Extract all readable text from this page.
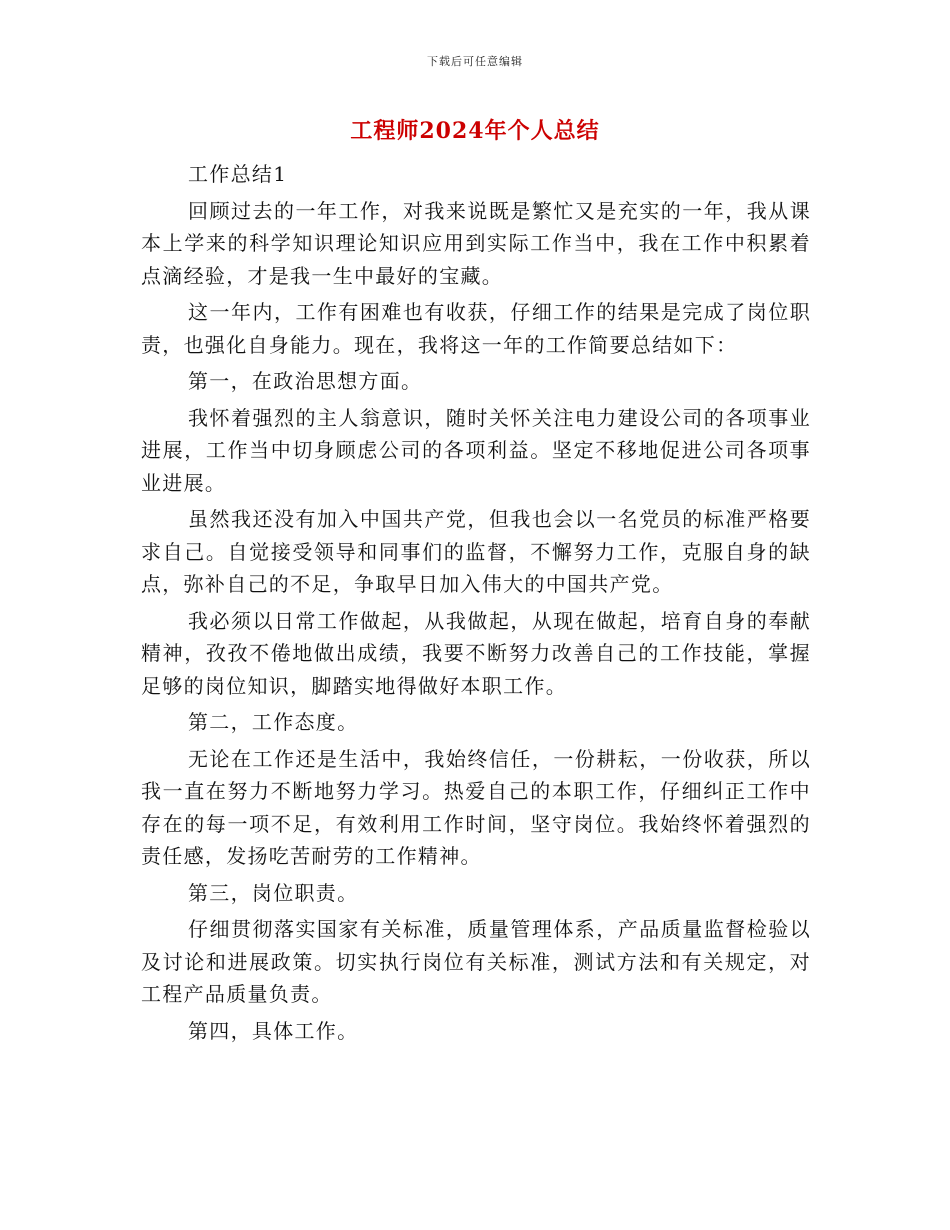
下载后可任意编辑
工程师2024年个人总结

工作总结1

回顾过去的一年工作，对我来说既是繁忙又是充实的一年，我从课本上学来的科学知识理论知识应用到实际工作当中，我在工作中积累着点滴经验，才是我一生中最好的宝藏。

这一年内，工作有困难也有收获，仔细工作的结果是完成了岗位职责，也强化自身能力。现在，我将这一年的工作简要总结如下：

第一，在政治思想方面。

我怀着强烈的主人翁意识，随时关怀关注电力建设公司的各项事业进展，工作当中切身顾虑公司的各项利益。坚定不移地促进公司各项事业进展。

虽然我还没有加入中国共产党，但我也会以一名党员的标准严格要求自己。自觉接受领导和同事们的监督，不懈努力工作，克服自身的缺点，弥补自己的不足，争取早日加入伟大的中国共产党。

我必须以日常工作做起，从我做起，从现在做起，培育自身的奉献精神，孜孜不倦地做出成绩，我要不断努力改善自己的工作技能，掌握足够的岗位知识，脚踏实地得做好本职工作。

第二，工作态度。

无论在工作还是生活中，我始终信任，一份耕耘，一份收获，所以我一直在努力不断地努力学习。热爱自己的本职工作，仔细纠正工作中存在的每一项不足，有效利用工作时间，坚守岗位。我始终怀着强烈的责任感，发扬吃苦耐劳的工作精神。

第三，岗位职责。

仔细贯彻落实国家有关标准，质量管理体系，产品质量监督检验以及讨论和进展政策。切实执行岗位有关标准，测试方法和有关规定，对工程产品质量负责。

第四，具体工作。
